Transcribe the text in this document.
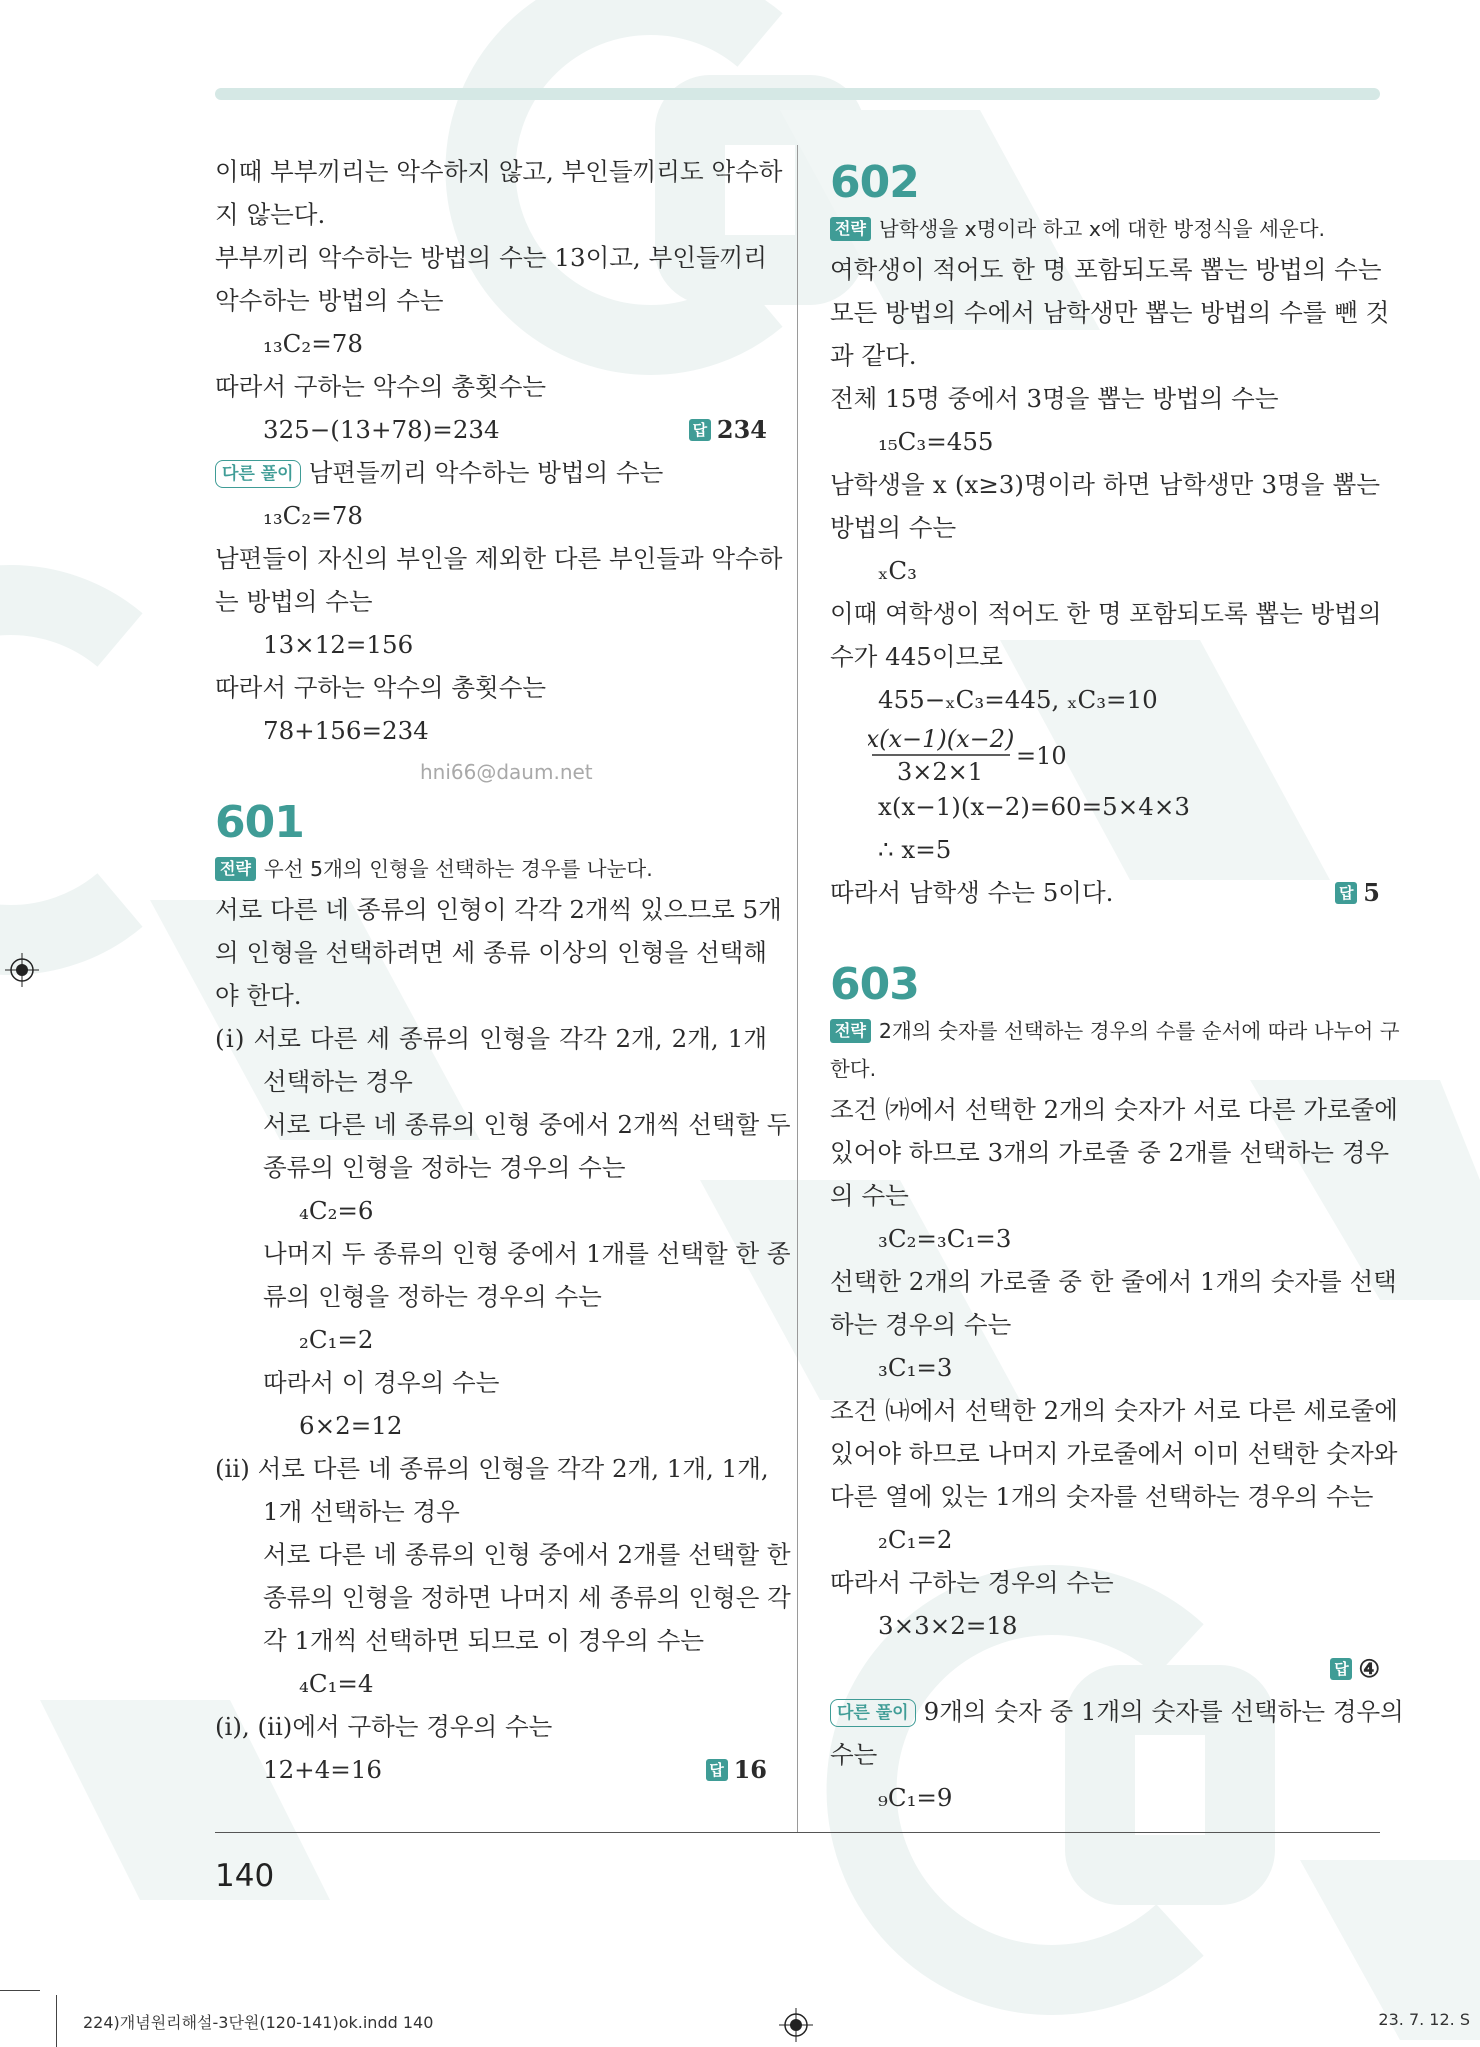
이때 부부끼리는 악수하지 않고, 부인들끼리도 악수하
지 않는다.
부부끼리 악수하는 방법의 수는 13이고, 부인들끼리
악수하는 방법의 수는
₁₃C₂=78
따라서 구하는 악수의 총횟수는
325−(13+78)=234	답 234
다른 풀이 남편들끼리 악수하는 방법의 수는
₁₃C₂=78
남편들이 자신의 부인을 제외한 다른 부인들과 악수하
는 방법의 수는
13×12=156
따라서 구하는 악수의 총횟수는
78+156=234
601
전략 우선 5개의 인형을 선택하는 경우를 나눈다.
서로 다른 네 종류의 인형이 각각 2개씩 있으므로 5개
의 인형을 선택하려면 세 종류 이상의 인형을 선택해
야 한다.
(ⅰ) 서로 다른 세 종류의 인형을 각각 2개, 2개, 1개
선택하는 경우
서로 다른 네 종류의 인형 중에서 2개씩 선택할 두
종류의 인형을 정하는 경우의 수는
₄C₂=6
나머지 두 종류의 인형 중에서 1개를 선택할 한 종
류의 인형을 정하는 경우의 수는
₂C₁=2
따라서 이 경우의 수는
6×2=12
(ⅱ) 서로 다른 네 종류의 인형을 각각 2개, 1개, 1개,
1개 선택하는 경우
서로 다른 네 종류의 인형 중에서 2개를 선택할 한
종류의 인형을 정하면 나머지 세 종류의 인형은 각
각 1개씩 선택하면 되므로 이 경우의 수는
₄C₁=4
(ⅰ), (ⅱ)에서 구하는 경우의 수는
12+4=16	답 16
602
전략 남학생을 x명이라 하고 x에 대한 방정식을 세운다.
여학생이 적어도 한 명 포함되도록 뽑는 방법의 수는
모든 방법의 수에서 남학생만 뽑는 방법의 수를 뺀 것
과 같다.
전체 15명 중에서 3명을 뽑는 방법의 수는
₁₅C₃=455
남학생을 x (x≥3)명이라 하면 남학생만 3명을 뽑는
방법의 수는
ₓC₃
이때 여학생이 적어도 한 명 포함되도록 뽑는 방법의
수가 445이므로
455−ₓC₃=445, ₓC₃=10
x(x−1)(x−2)
3×2×1
=10
x(x−1)(x−2)=60=5×4×3
∴ x=5
따라서 남학생 수는 5이다.	답 5
603
전략 2개의 숫자를 선택하는 경우의 수를 순서에 따라 나누어 구
한다.
조건 ㈎에서 선택한 2개의 숫자가 서로 다른 가로줄에
있어야 하므로 3개의 가로줄 중 2개를 선택하는 경우
의 수는
₃C₂=₃C₁=3
선택한 2개의 가로줄 중 한 줄에서 1개의 숫자를 선택
하는 경우의 수는
₃C₁=3
조건 ㈏에서 선택한 2개의 숫자가 서로 다른 세로줄에
있어야 하므로 나머지 가로줄에서 이미 선택한 숫자와
다른 열에 있는 1개의 숫자를 선택하는 경우의 수는
₂C₁=2
따라서 구하는 경우의 수는
3×3×2=18
답 ④
다른 풀이 9개의 숫자 중 1개의 숫자를 선택하는 경우의
수는
₉C₁=9
hni66@daum.net
140
224)개념원리해설-3단원(120-141)ok.indd 140	23. 7. 12. S
